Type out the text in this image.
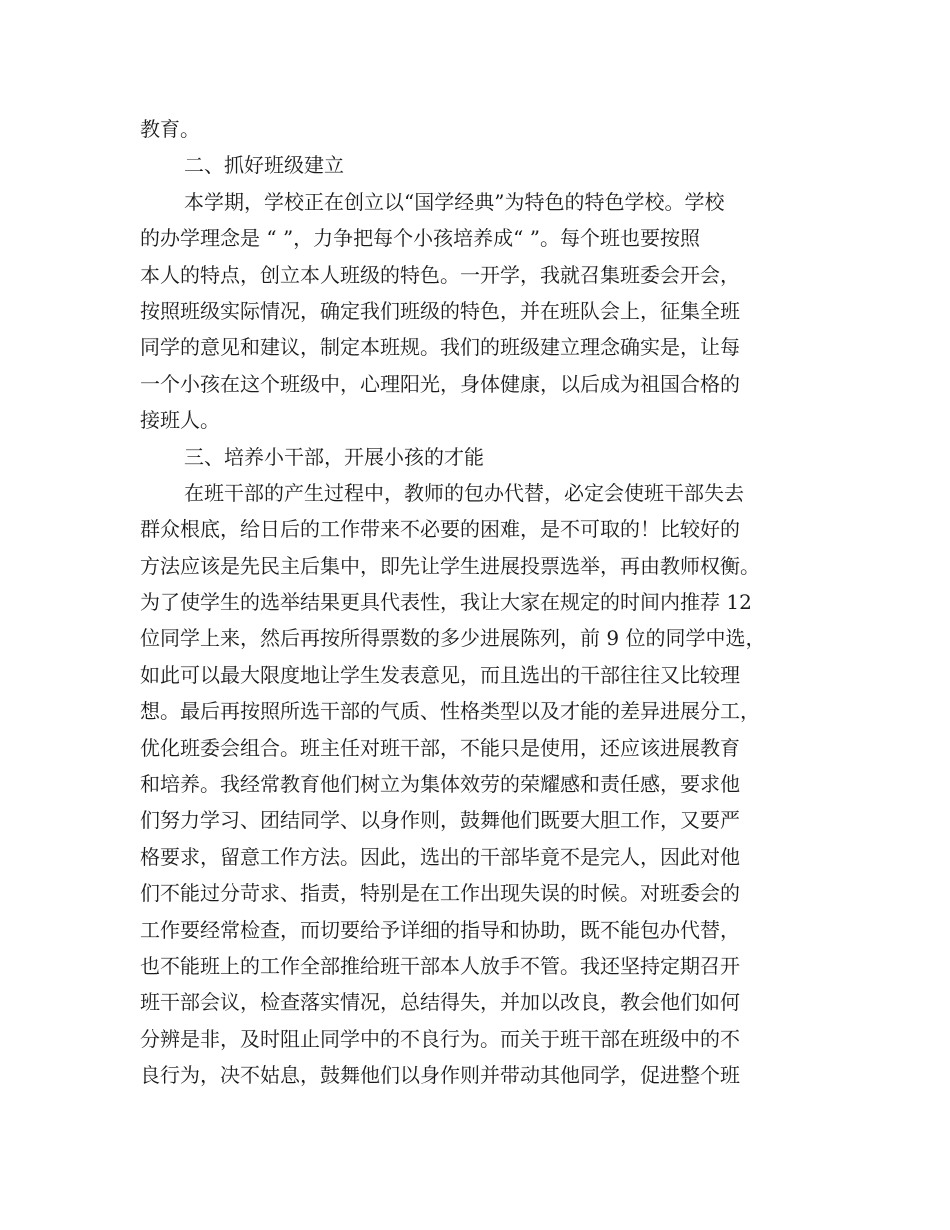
教育。
二、抓好班级建立
本学期，学校正在创立以“国学经典”为特色的特色学校。学校
的办学理念是 “ ”，力争把每个小孩培养成“ ”。每个班也要按照
本人的特点，创立本人班级的特色。一开学，我就召集班委会开会，
按照班级实际情况，确定我们班级的特色，并在班队会上，征集全班
同学的意见和建议，制定本班规。我们的班级建立理念确实是，让每
一个小孩在这个班级中，心理阳光，身体健康，以后成为祖国合格的
接班人。
三、培养小干部，开展小孩的才能
在班干部的产生过程中，教师的包办代替，必定会使班干部失去
群众根底，给日后的工作带来不必要的困难，是不可取的！比较好的
方法应该是先民主后集中，即先让学生进展投票选举，再由教师权衡。
为了使学生的选举结果更具代表性，我让大家在规定的时间内推荐 12
位同学上来，然后再按所得票数的多少进展陈列，前 9 位的同学中选，
如此可以最大限度地让学生发表意见，而且选出的干部往往又比较理
想。最后再按照所选干部的气质、性格类型以及才能的差异进展分工，
优化班委会组合。班主任对班干部，不能只是使用，还应该进展教育
和培养。我经常教育他们树立为集体效劳的荣耀感和责任感，要求他
们努力学习、团结同学、以身作则，鼓舞他们既要大胆工作，又要严
格要求，留意工作方法。因此，选出的干部毕竟不是完人，因此对他
们不能过分苛求、指责，特别是在工作出现失误的时候。对班委会的
工作要经常检查，而切要给予详细的指导和协助，既不能包办代替，
也不能班上的工作全部推给班干部本人放手不管。我还坚持定期召开
班干部会议，检查落实情况，总结得失，并加以改良，教会他们如何
分辨是非，及时阻止同学中的不良行为。而关于班干部在班级中的不
良行为，决不姑息，鼓舞他们以身作则并带动其他同学，促进整个班
